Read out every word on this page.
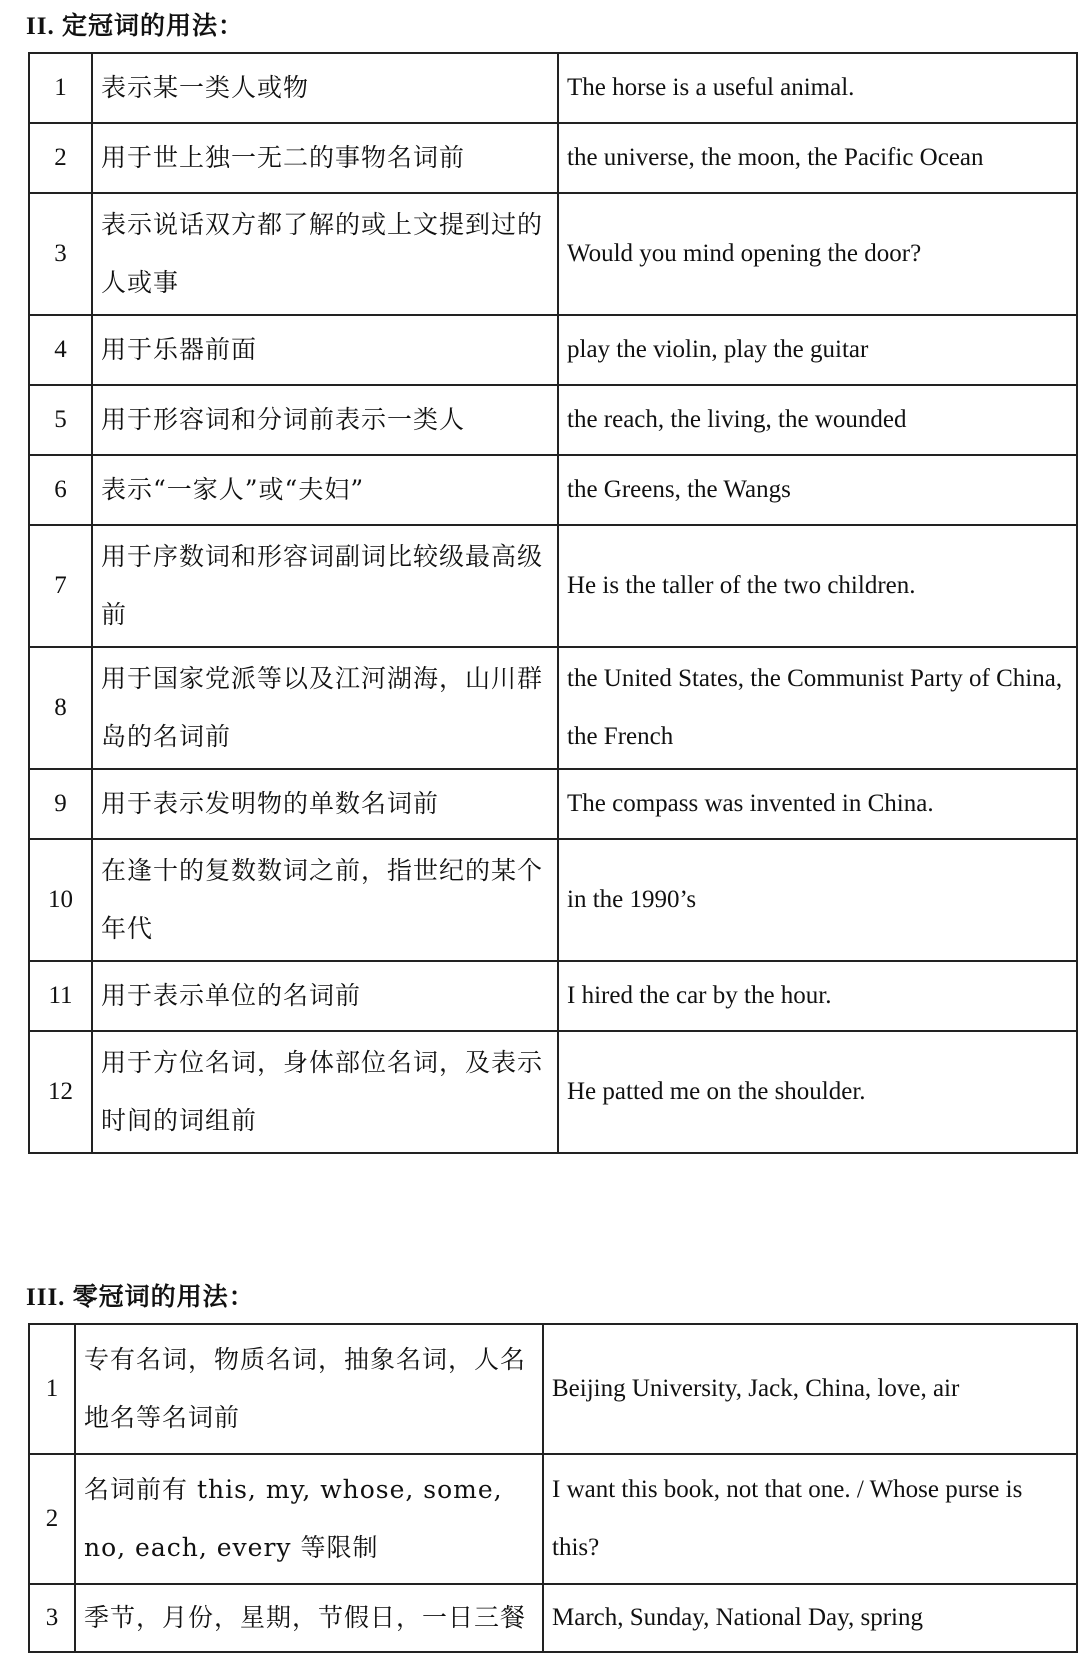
II. 定冠词的用法：
1	表示某一类人或物	The horse is a useful animal.
2	用于世上独一无二的事物名词前	the universe, the moon, the Pacific Ocean
3	表示说话双方都了解的或上文提到过的人或事	Would you mind opening the door?
4	用于乐器前面	play the violin, play the guitar
5	用于形容词和分词前表示一类人	the reach, the living, the wounded
6	表示“一家人”或“夫妇”	the Greens, the Wangs
7	用于序数词和形容词副词比较级最高级前	He is the taller of the two children.
8	用于国家党派等以及江河湖海，山川群岛的名词前	the United States, the Communist Party of China, the French
9	用于表示发明物的单数名词前	The compass was invented in China.
10	在逢十的复数数词之前，指世纪的某个年代	in the 1990’s
11	用于表示单位的名词前	I hired the car by the hour.
12	用于方位名词，身体部位名词，及表示时间的词组前	He patted me on the shoulder.
III. 零冠词的用法：
1	专有名词，物质名词，抽象名词，人名地名等名词前	Beijing University, Jack, China, love, air
2	名词前有 this, my, whose, some, no, each, every 等限制	I want this book, not that one. / Whose purse is this?
3	季节，月份，星期，节假日，一日三餐	March, Sunday, National Day, spring
